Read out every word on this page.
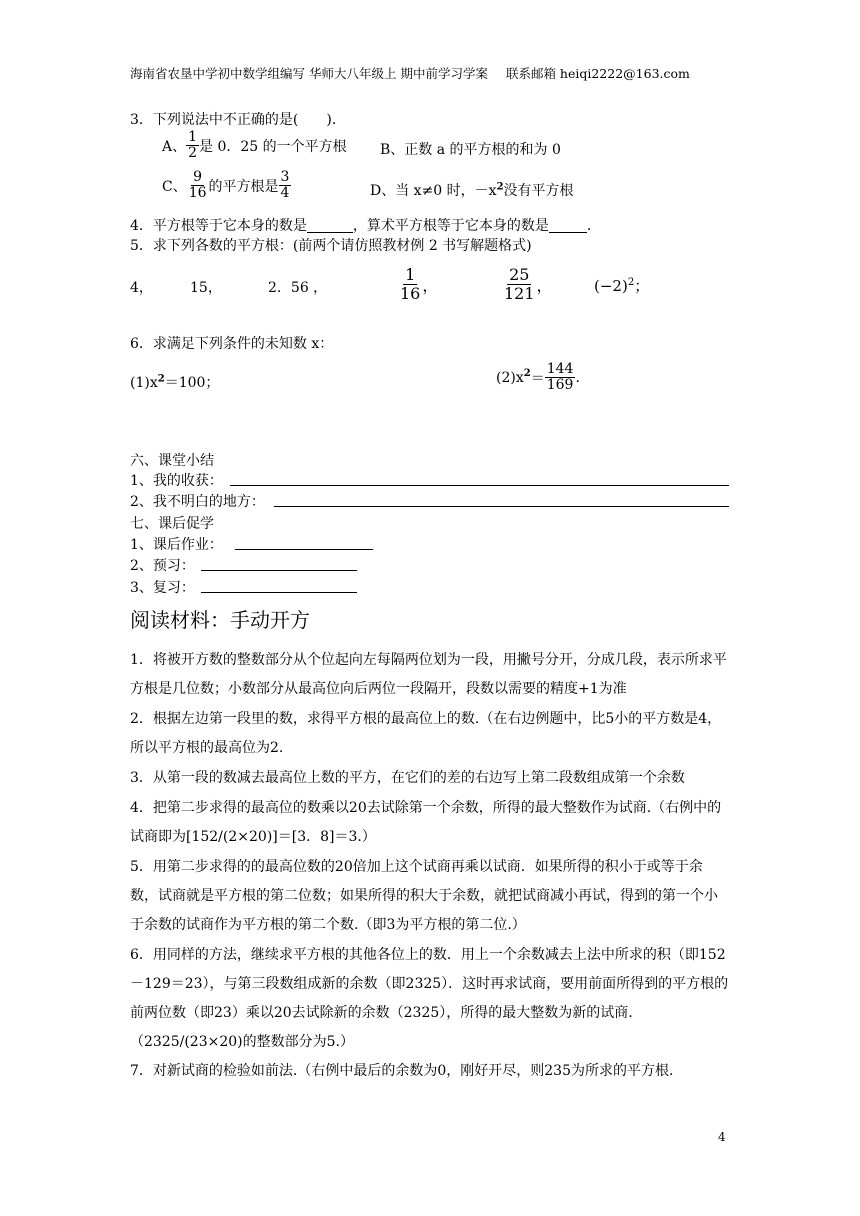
海南省农垦中学初中数学组编写 华师大八年级上 期中前学习学案 联系邮箱 heiqi2222@163.com
3．下列说法中不正确的是(　　)．
A、 $\frac{1}{2}$ 是 0．25 的一个平方根 B、正数 a 的平方根的和为 0
C、 $\frac{9}{16}$ 的平方根是 $\frac{3}{4}$	D、当 x≠0 时，$-x^2$没有平方根
4．平方根等于它本身的数是	，算术平方根等于它本身的数是	.
5．求下列各数的平方根：(前两个请仿照教材例 2 书写解题格式)
4，	15，	2．56 ，	$\frac{1}{16}$ ，	$\frac{25}{121}$ ，	$(-2)^2$；
6．求满足下列条件的未知数 x：
$(1)x^2=100$；	$(2)x^2 = \frac{144}{169}$ .
六、课堂小结
1、我的收获：
2、我不明白的地方：
七、课后促学
1、课后作业：
2、预习：
3、复习：
阅读材料：手动开方
1．将被开方数的整数部分从个位起向左每隔两位划为一段，用撇号分开，分成几段，表示所求平方根是几位数；小数部分从最高位向后两位一段隔开，段数以需要的精度+1为准
2．根据左边第一段里的数，求得平方根的最高位上的数.（在右边例题中，比5小的平方数是4，所以平方根的最高位为2.
3．从第一段的数减去最高位上数的平方，在它们的差的右边写上第二段数组成第一个余数
4．把第二步求得的最高位的数乘以20去试除第一个余数，所得的最大整数作为试商.（右例中的试商即为[152/(2×20)]＝[3．8]＝3.）
5．用第二步求得的的最高位数的20倍加上这个试商再乘以试商．如果所得的积小于或等于余数，试商就是平方根的第二位数；如果所得的积大于余数，就把试商减小再试，得到的第一个小于余数的试商作为平方根的第二个数.（即3为平方根的第二位.）
6．用同样的方法，继续求平方根的其他各位上的数．用上一个余数减去上法中所求的积（即152－129＝23），与第三段数组成新的余数（即2325）．这时再求试商，要用前面所得到的平方根的前两位数（即23）乘以20去试除新的余数（2325），所得的最大整数为新的试商.（2325/(23×20)的整数部分为5.）
7．对新试商的检验如前法.（右例中最后的余数为0，刚好开尽，则235为所求的平方根.
4
